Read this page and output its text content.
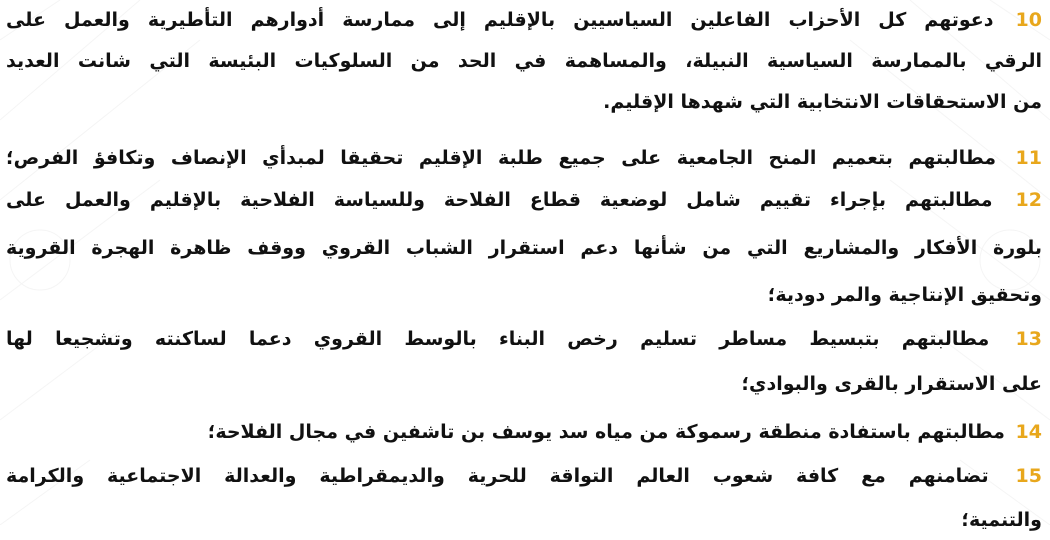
10 دعوتهم كل الأحزاب الفاعلين السياسيين بالإقليم إلى ممارسة أدوارهم التأطيرية والعمل على
الرقي بالممارسة السياسية النبيلة، والمساهمة في الحد من السلوكيات البئيسة التي شانت العديد
من الاستحقاقات الانتخابية التي شهدها الإقليم.
11 مطالبتهم بتعميم المنح الجامعية على جميع طلبة الإقليم تحقيقا لمبدأي الإنصاف وتكافؤ الفرص؛
12 مطالبتهم بإجراء تقييم شامل لوضعية قطاع الفلاحة وللسياسة الفلاحية بالإقليم والعمل على
بلورة الأفكار والمشاريع التي من شأنها دعم استقرار الشباب القروي ووقف ظاهرة الهجرة القروية
وتحقيق الإنتاجية والمر دودية؛
13 مطالبتهم بتبسيط مساطر تسليم رخص البناء بالوسط القروي دعما لساكنته وتشجيعا لها
على الاستقرار بالقرى والبوادي؛
14 مطالبتهم باستفادة منطقة رسموكة من مياه سد يوسف بن تاشفين في مجال الفلاحة؛
15 تضامنهم مع كافة شعوب العالم التواقة للحرية والديمقراطية والعدالة الاجتماعية والكرامة
والتنمية؛
